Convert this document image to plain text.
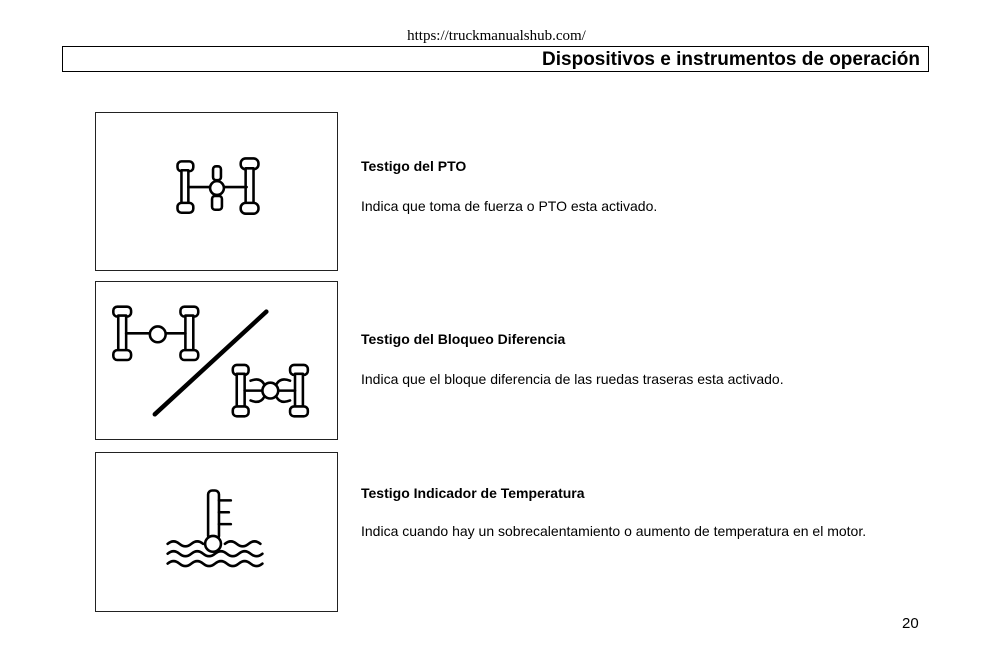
https://truckmanualshub.com/
Dispositivos e instrumentos de operación
Testigo del PTO
Indica que toma de fuerza o PTO esta activado.
Testigo del Bloqueo Diferencia
Indica que el bloque diferencia de las ruedas traseras esta activado.
Testigo Indicador de Temperatura
Indica cuando hay un sobrecalentamiento o aumento de temperatura en el motor.
20
